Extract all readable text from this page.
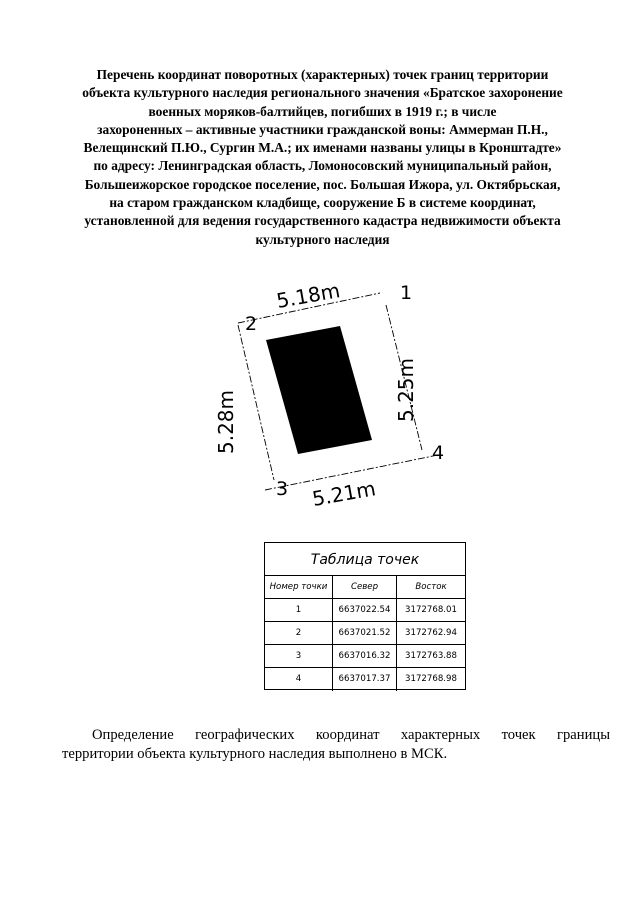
Перечень координат поворотных (характерных) точек границ территории
объекта культурного наследия регионального значения «Братское захоронение
военных моряков-балтийцев, погибших в 1919 г.; в числе
захороненных – активные участники гражданской воны: Аммерман П.Н.,
Велещинский П.Ю., Сургин М.А.; их именами названы улицы в Кронштадте»
по адресу: Ленинградская область, Ломоносовский муниципальный район,
Большеижорское городское поселение, пос. Большая Ижора, ул. Октябрьская,
на старом гражданском кладбище, сооружение Б в системе координат,
установленной для ведения государственного кадастра недвижимости объекта
культурного наследия
5.18m
5.25m
5.21m
5.28m
1
2
3
4
Таблица точек
Номер точки	Север	Восток
1	6637022.54	3172768.01
2	6637021.52	3172762.94
3	6637016.32	3172763.88
4	6637017.37	3172768.98
Определение географических координат характерных точек границы
территории объекта культурного наследия выполнено в МСК.
